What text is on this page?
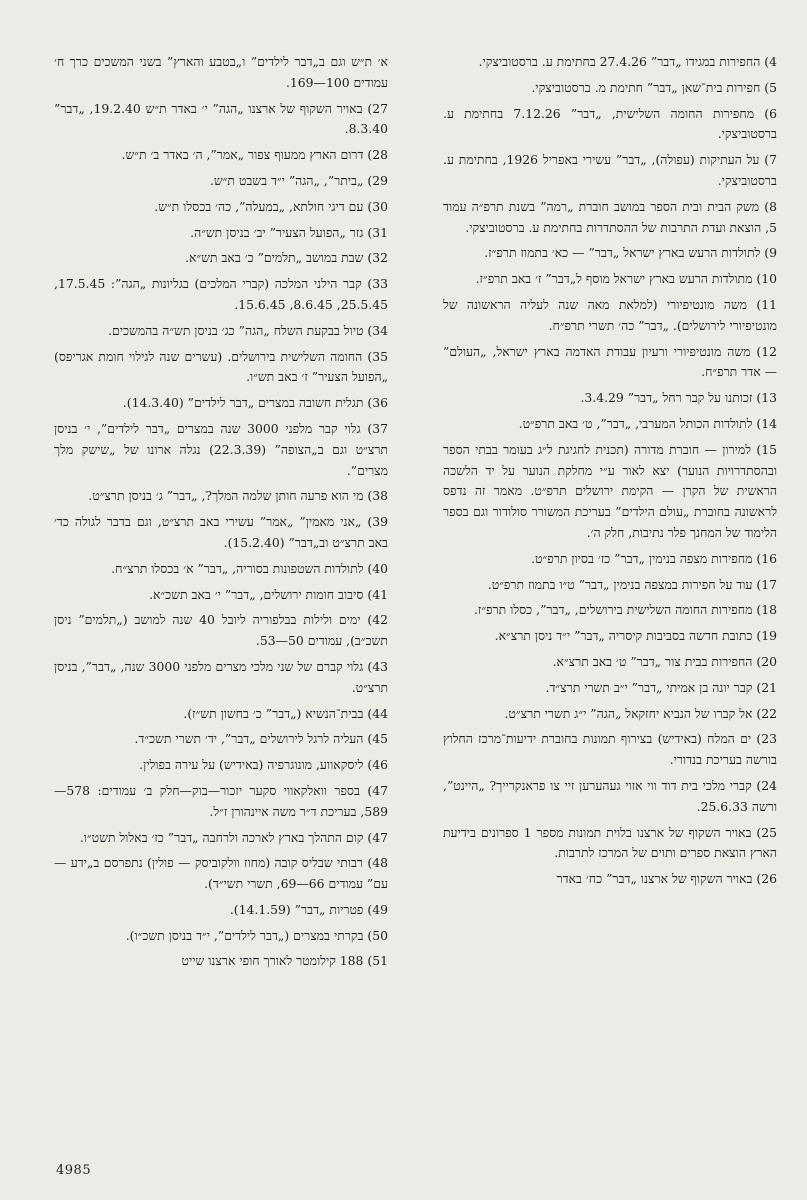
4 ) החפירות במגידו „דבר” 27.4.26 בחתימת ע. ברסטוביצקי.

5 ) חפירות בית־שאן „דבר” חתימת מ. ברסטוביצקי.

6 ) מחפירות החומה השלישית, „דבר” 7.12.26 בחתימת ע. ברסטוביצקי.

7 ) על העתיקות (עפולה), „דבר” עשירי באפריל 1926, בחתימת ע. ברסטוביצקי.

8 ) משק הבית ובית הספר במושב חוברת „רמה” בשנת תרפ״ה עמוד 5, הוצאת ועדת התרבות של ההסתדרות בחתימת ע. ברסטוביצקי.

9 ) לתולדות הרעש בארץ ישראל „דבר” — כא׳ בתמוז תרפ״ז.

10 ) מתולדות הרעש בארץ ישראל מוסף ל„דבר” ז׳ באב תרפ״ז.

11 ) משה מונטיפיורי (למלאת מאה שנה לעליה הראשונה של מונטיפיורי לירושלים). „דבר” כה׳ תשרי תרפ״ח.

12 ) משה מונטיפיורי ורעיון עבודת האדמה בארץ ישראל, „העולם” — אדר תרפ״ח.

13 ) זכותנו על קבר רחל „דבר” 3.4.29.

14 ) לתולדות הכותל המערבי, „דבר”, ט׳ באב תרפ״ט.

15 ) למירון — חוברת מדורה (תכנית לחגיגת ל״ג בעומר בבתי הספר ובהסתדרויות הנוער) יצא לאור ע״י מחלקת הנוער על יד הלשכה הראשית של הקרן — הקימת ירושלים תרפ״ט. מאמר זה נדפס לראשונה בחוברת „עולם הילדים” בעריכת המשורר סולודור וגם בספר הלימוד של המחנך פלר נתיבות, חלק ה׳.

16 ) מחפירות מצפה בנימין „דבר” כז׳ בסיון תרפ״ט.

17 ) עוד על חפירות במצפה בנימין „דבר” ט״ו בתמוז תרפ״ט.

18 ) מחפירות החומה השלישית בירושלים, „דבר”, כסלו תרפ״ז.

19 ) כתובת חדשה בסביבות קיסריה „דבר” י״ד ניסן תרצ״א.

20 ) החפירות בבית צור „דבר” ט׳ באב תרצ״א.

21 ) קבר יונה בן אמיתי „דבר” י״ב תשרי תרצ״ד.

22 ) אל קברו של הנביא יחזקאל „הגה” י״ג תשרי תרצ״ט.

23 ) ים המלח (באידיש) בצירוף תמונות בחוברת ידיעות־מרכז החלוץ בורשה בעריכת בנדורי.

24 ) קברי מלכי בית דוד ווי אזוי געהערען זיי צו פראנקרייך? „היינט”, ורשה 25.6.33.

25 ) באויר השקוף של ארצנו בלוית תמונות מספר 1 ספרונים בידיעת הארץ הוצאת ספרים ותוים של המרכז לתרבות.

26 ) באויר השקוף של ארצנו „דבר” כח׳ באדר

א׳ ת״ש וגם ב„דבר לילדים” ו„בטבע והארץ” בשני המשכים כרך ח׳ עמודים 100—169.

27 ) באויר השקוף של ארצנו „הגה” י׳ באדר ת״ש 19.2.40, „דבר” 8.3.40.

28 ) דרום הארץ ממעוף צפור „אמר”, ה׳ באדר ב׳ ת״ש.

29 ) „ביתר”, „הגה” י״ד בשבט ת״ש.

30 ) עם דיגי חולתא, „במעלה”, כה׳ בכסלו ת״ש.

31 ) גזר „הפועל הצעיר” יב׳ בניסן תש״ה.

32 ) שבת במושב „תלמים” כ׳ באב תש״א.

33 ) קבר הילני המלכה (קברי המלכים) בגליונות „הגה”: 17.5.45, 25.5.45, 8.6.45, 15.6.45.

34 ) טיול בבקעת השלח „הגה” כג׳ בניסן תש״ה בהמשכים.

35 ) החומה השלישית בירושלים. (עשרים שנה לגילוי חומת אגריפס) „הפועל הצעיר” ז׳ באב תש״ו.

36 ) תגלית חשובה במצרים „דבר לילדים” (14.3.40).

37 ) גלוי קבר מלפני 3000 שנה במצרים „דבר לילדים”, י׳ בניסן תרצ״ט וגם ב„הצופה” (22.3.39) נגלה ארונו של „שישק מלך מצרים”.

38 ) מי הוא פרעה חותן שלמה המלך?, „דבר” ג׳ בניסן תרצ״ט.

39 ) „אני מאמין” „אמר” עשירי באב תרצ״ט, וגם בדבר לגולה כד׳ באב תרצ״ט וב„דבר” (15.2.40).

40 ) לתולדות השטפונות בסוריה, „דבר” א׳ בכסלו תרצ״ח.

41 ) סיבוב חומות ירושלים, „דבר” י׳ באב תשכ״א.

42 ) ימים ולילות בבלפוריה ליובל 40 שנה למושב („תלמים” ניסן תשכ״ב), עמודים 50—53.

43 ) גלוי קברם של שני מלכי מצרים מלפני 3000 שנה, „דבר”, בניסן תרצ״ט.

44 ) בבית־הנשיא („דבר” כ׳ בחשון תש״ז).

45 ) העליה לרגל לירושלים „דבר”, יד׳ תשרי תשכ״ד.

46 ) ליסקאווע, מונוגרפיה (באידיש) על עירה בפולין.

47 ) בספר וואלקאווי סקער יזכור—בוק—חלק ב׳ עמודים: 578—589, בעריכת ד״ר משה איינהורן ז״ל.

47 ) קום התהלך בארץ לארכה ולרחבה „דבר” כז׳ באלול תשט״ו.

48 ) רבותי שבליס קובה (מחוז וולקוביסק — פולין) נתפרסם ב„ידע — עם” עמודים 66—69, תשרי תשי״ד).

49 ) פטריות „דבר” (14.1.59).

50 ) בקרתי במצרים („דבר לילדים”, י״ד בניסן תשכ״ו).

51 ) 188 קילומטר לאורך חופי ארצנו שייט

4985
